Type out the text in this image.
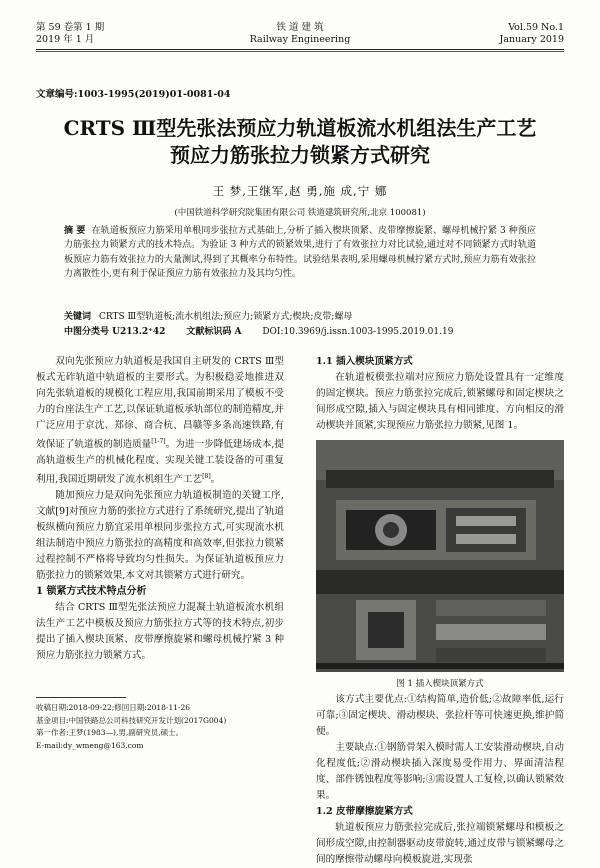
第 59 卷第 1 期
2019 年 1 月
铁 道 建 筑
Railway Engineering
Vol.59 No.1
January 2019
文章编号:1003-1995(2019)01-0081-04
CRTS Ⅲ型先张法预应力轨道板流水机组法生产工艺
预应力筋张拉力锁紧方式研究
王 梦,王继军,赵 勇,施 成,宁 娜
(中国铁道科学研究院集团有限公司 铁道建筑研究所,北京 100081)
摘 要 在轨道板预应力筋采用单根同步张拉方式基础上,分析了插入楔块顶紧、皮带摩擦旋紧、螺母机械拧紧 3 种预应力筋张拉力锁紧方式的技术特点。为验证 3 种方式的锁紧效果,进行了有效张拉力对比试验,通过对不同锁紧方式时轨道板预应力筋有效张拉力的大量测试,得到了其概率分布特性。试验结果表明,采用螺母机械拧紧方式时,预应力筋有效张拉力离散性小,更有利于保证预应力筋有效张拉力及其均匀性。
关键词 CRTS Ⅲ型轨道板;流水机组法;预应力;锁紧方式;楔块;皮带;螺母
中图分类号 U213.2⁺42 文献标识码 A DOI:10.3969/j.issn.1003-1995.2019.01.19

双向先张预应力轨道板是我国自主研发的 CRTS Ⅲ型板式无砟轨道中轨道板的主要形式。为积极稳妥地推进双向先张轨道板的规模化工程应用,我国前期采用了模板不受力的台座法生产工艺,以保证轨道板承轨部位的制造精度,并广泛应用于京沈、郑徐、商合杭、昌赣等多条高速铁路,有效保证了轨道板的制造质量[1-7]。为进一步降低建场成本,提高轨道板生产的机械化程度、实现关键工装设备的可重复利用,我国近期研发了流水机组生产工艺[8]。

随加预应力是双向先张预应力轨道板制造的关键工序,文献[9]对预应力筋的张拉方式进行了系统研究,提出了轨道板纵横向预应力筋宜采用单根同步张拉方式,可实现流水机组法制造中预应力筋张拉的高精度和高效率,但张拉力锁紧过程控制不严格将导致均匀性损失。为保证轨道板预应力筋张拉力的锁紧效果,本文对其锁紧方式进行研究。

1 锁紧方式技术特点分析

结合 CRTS Ⅲ型先张法预应力混凝土轨道板流水机组法生产工艺中模板及预应力筋张拉方式等的技术特点,初步提出了插入楔块顶紧、皮带摩擦旋紧和螺母机械拧紧 3 种预应力筋张拉力锁紧方式。

收稿日期:2018-09-22;修回日期:2018-11-26
基金项目:中国铁路总公司科技研究开发计划(2017G004)
第一作者:王梦(1983—),男,副研究员,硕士。
E-mail:dy_wmeng@163.com

1.1 插入楔块顶紧方式

在轨道板模张拉端对应预应力筋处设置具有一定维度的固定楔块。预应力筋张拉完成后,锁紧螺母和固定楔块之间形成空隙,插入与固定楔块具有相同锥度、方向相反的滑动楔块并顶紧,实现预应力筋张拉力锁紧,见图 1。

图 1 插入楔块顶紧方式

该方式主要优点:①结构简单,造价低;②故障率低,运行可靠;③固定楔块、滑动楔块、张拉杆等可快速更换,维护简便。

主要缺点:①钢筋骨架入模时需人工安装滑动楔块,自动化程度低;②滑动楔块插入深度易受作用力、界面清洁程度、部件锈蚀程度等影响;③需设置人工复检,以确认锁紧效果。

1.2 皮带摩擦旋紧方式

轨道板预应力筋张拉完成后,张拉端锁紧螺母和模板之间形成空隙,由控制器驱动皮带旋转,通过皮带与锁紧螺母之间的摩擦带动螺母向模板旋进,实现张
